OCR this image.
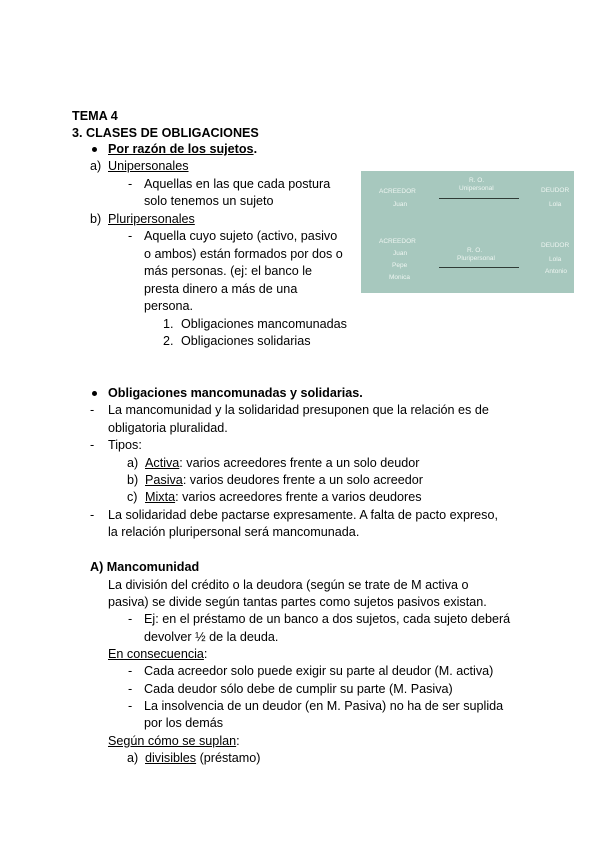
TEMA 4
3. CLASES DE OBLIGACIONES
Por razón de los sujetos.
a) Unipersonales
- Aquellas en las que cada postura
solo tenemos un sujeto
b) Pluripersonales
- Aquella cuyo sujeto (activo, pasivo
o ambos) están formados por dos o
más personas. (ej: el banco le
presta dinero a más de una
persona.
1. Obligaciones mancomunadas
2. Obligaciones solidarias
ACREEDOR
Juan
R. O.
Unipersonal	DEUDOR
Lola
ACREEDOR
Juan
Pepe
Monica
R. O.
Pluripersonal
DEUDOR
Lola
Antonio
Obligaciones mancomunadas y solidarias.
- La mancomunidad y la solidaridad presuponen que la relación es de
obligatoria pluralidad.
- Tipos:
a) Activa: varios acreedores frente a un solo deudor
b) Pasiva: varios deudores frente a un solo acreedor
c) Mixta: varios acreedores frente a varios deudores
- La solidaridad debe pactarse expresamente. A falta de pacto expreso,
la relación pluripersonal será mancomunada.
A) Mancomunidad
La división del crédito o la deudora (según se trate de M activa o
pasiva) se divide según tantas partes como sujetos pasivos existan.
- Ej: en el préstamo de un banco a dos sujetos, cada sujeto deberá
devolver ½ de la deuda.
En consecuencia:
- Cada acreedor solo puede exigir su parte al deudor (M. activa)
- Cada deudor sólo debe de cumplir su parte (M. Pasiva)
- La insolvencia de un deudor (en M. Pasiva) no ha de ser suplida
por los demás
Según cómo se suplan:
a) divisibles (préstamo)
